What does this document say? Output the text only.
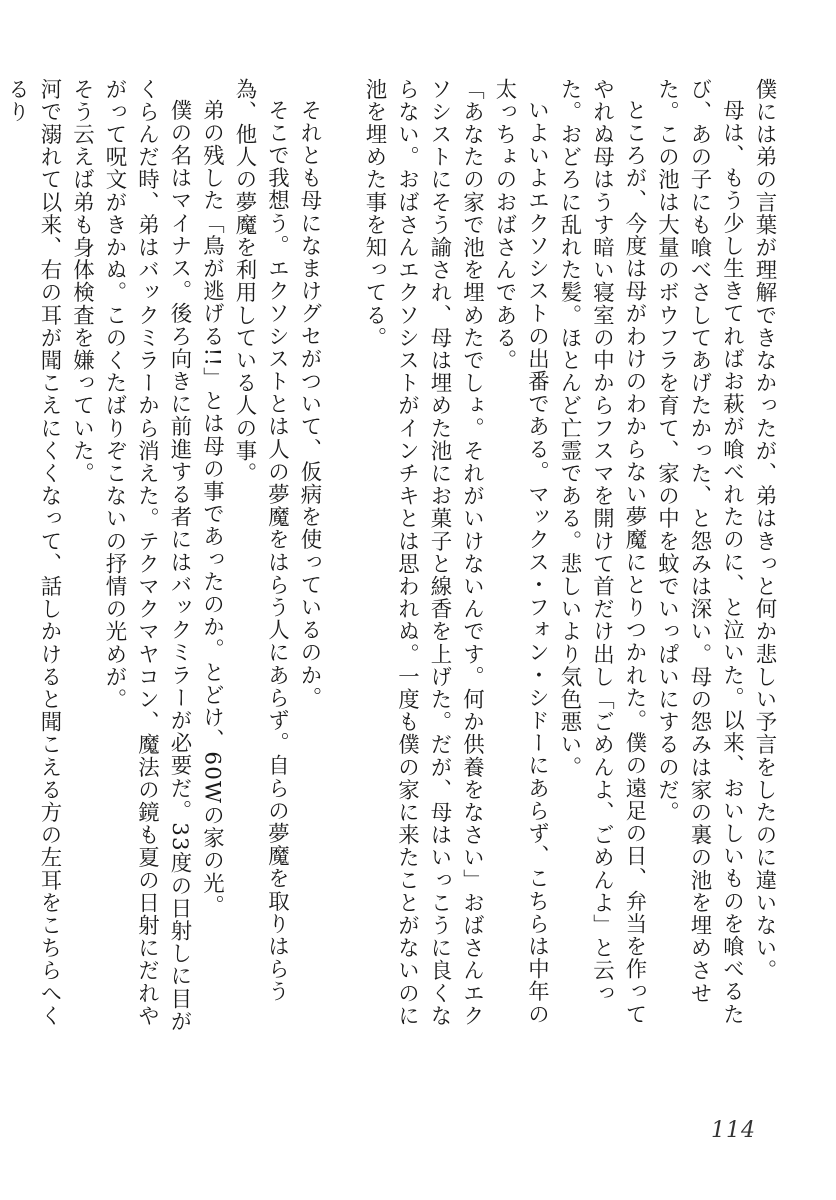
僕には弟の言葉が理解できなかったが、弟はきっと何か悲しい予言をしたのに違いない。

母は、もう少し生きてればお萩が喰べれたのに、と泣いた。以来、おいしいものを喰べるたび、あの子にも喰べさしてあげたかった、と怨みは深い。母の怨みは家の裏の池を埋めさせた。この池は大量のボウフラを育て、家の中を蚊でいっぱいにするのだ。

ところが、今度は母がわけのわからない夢魔にとりつかれた。僕の遠足の日、弁当を作ってやれぬ母はうす暗い寝室の中からフスマを開けて首だけ出し「ごめんよ、ごめんよ」と云った。おどろに乱れた髪。ほとんど亡霊である。悲しいより気色悪い。

いよいよエクソシストの出番である。マックス・フォン・シドーにあらず、こちらは中年の太っちょのおばさんである。

「あなたの家で池を埋めたでしょ。それがいけないんです。何か供養をなさい」おばさんエクソシストにそう諭され、母は埋めた池にお菓子と線香を上げた。だが、母はいっこうに良くならない。おばさんエクソシストがインチキとは思われぬ。一度も僕の家に来たことがないのに池を埋めた事を知ってる。

それとも母になまけグセがついて、仮病を使っているのか。

そこで我想う。エクソシストとは人の夢魔をはらう人にあらず。自らの夢魔を取りはらう為、他人の夢魔を利用している人の事。

弟の残した「鳥が逃げる!!」とは母の事であったのか。とどけ、60Wの家の光。

僕の名はマイナス。後ろ向きに前進する者にはバックミラーが必要だ。33度の日射しに目がくらんだ時、弟はバックミラーから消えた。テクマクマヤコン、魔法の鏡も夏の日射にだれやがって呪文がきかぬ。このくたばりぞこないの抒情の光めが。

そう云えば弟も身体検査を嫌っていた。

河で溺れて以来、右の耳が聞こえにくくなって、話しかけると聞こえる方の左耳をこちらへくるり

114
